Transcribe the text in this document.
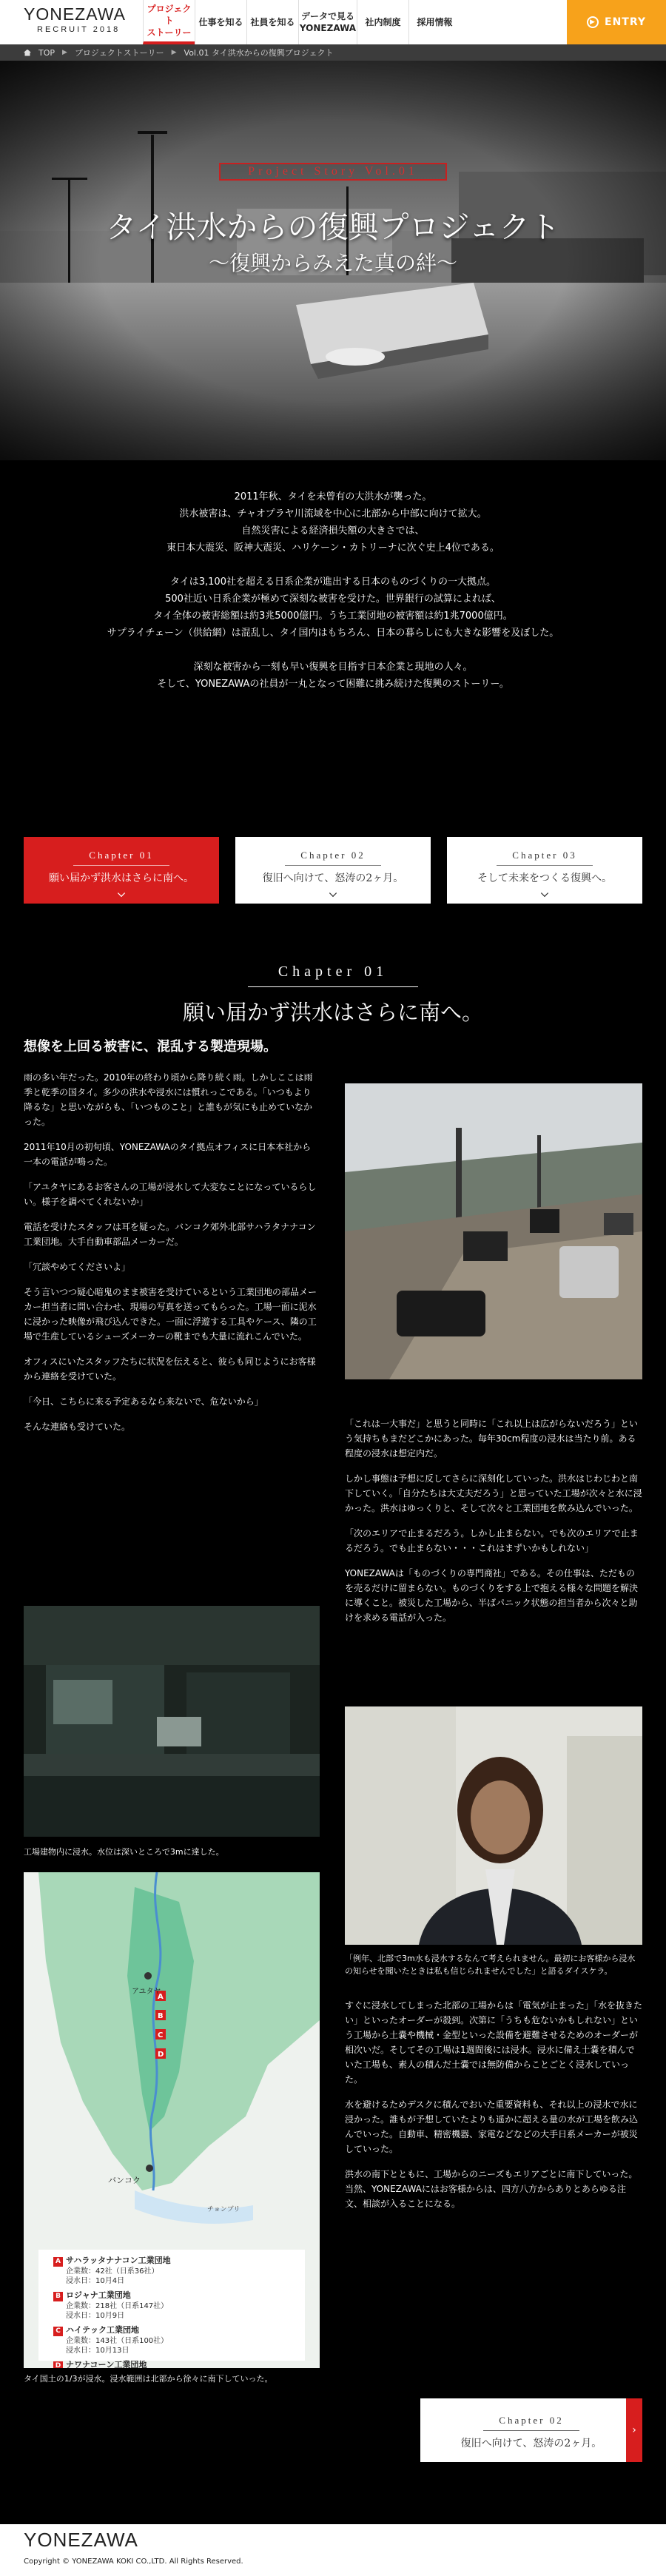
YONEZAWA
RECRUIT 2018
プロジェクト
ストーリー
仕事を知る 社員を知る
データで見る
YONEZAWA
社内制度 採用情報	▶ ENTRY
TOP ▶ プロジェクトストーリー ▶ Vol.01 タイ洪水からの復興プロジェクト
Project Story Vol.01
タイ洪水からの復興プロジェクト
〜復興からみえた真の絆〜

2011年秋、タイを未曾有の大洪水が襲った。
洪水被害は、チャオプラヤ川流域を中心に北部から中部に向けて拡大。
自然災害による経済損失額の大きさでは、
東日本大震災、阪神大震災、ハリケーン・カトリーナに次ぐ史上4位である。

タイは3,100社を超える日系企業が進出する日本のものづくりの一大拠点。
500社近い日系企業が極めて深刻な被害を受けた。世界銀行の試算によれば、
タイ全体の被害総額は約3兆5000億円。うち工業団地の被害額は約1兆7000億円。
サプライチェーン（供給網）は混乱し、タイ国内はもちろん、日本の暮らしにも大きな影響を及ぼした。

深刻な被害から一刻も早い復興を目指す日本企業と現地の人々。
そして、YONEZAWAの社員が一丸となって困難に挑み続けた復興のストーリー。

Chapter 01
願い届かず洪水はさらに南へ。
Chapter 02
復旧へ向けて、怒涛の2ヶ月。
Chapter 03
そして未来をつくる復興へ。
Chapter 01
願い届かず洪水はさらに南へ。
想像を上回る被害に、混乱する製造現場。

雨の多い年だった。2010年の終わり頃から降り続く雨。しかしここは雨季と乾季の国タイ。多少の洪水や浸水には慣れっこである。「いつもより降るな」と思いながらも、「いつものこと」と誰もが気にも止めていなかった。

2011年10月の初旬頃、YONEZAWAのタイ拠点オフィスに日本本社から一本の電話が鳴った。

「アユタヤにあるお客さんの工場が浸水して大変なことになっているらしい。様子を調べてくれないか」

電話を受けたスタッフは耳を疑った。バンコク郊外北部サハラタナナコン工業団地。大手自動車部品メーカーだ。

「冗談やめてくださいよ」

そう言いつつ疑心暗鬼のまま被害を受けているという工業団地の部品メーカー担当者に問い合わせ、現場の写真を送ってもらった。工場一面に泥水に浸かった映像が飛び込んできた。一面に浮遊する工具やケース、隣の工場で生産しているシューズメーカーの靴までも大量に流れこんでいた。

オフィスにいたスタッフたちに状況を伝えると、彼らも同じようにお客様から連絡を受けていた。

「今日、こちらに来る予定あるなら来ないで、危ないから」

そんな連絡も受けていた。	「これは一大事だ」と思うと同時に「これ以上は広がらないだろう」という気持ちもまだどこかにあった。毎年30cm程度の浸水は当たり前。ある程度の浸水は想定内だ。

しかし事態は予想に反してさらに深刻化していった。洪水はじわじわと南下していく。「自分たちは大丈夫だろう」と思っていた工場が次々と水に浸かった。洪水はゆっくりと、そして次々と工業団地を飲み込んでいった。

「次のエリアで止まるだろう。しかし止まらない。でも次のエリアで止まるだろう。でも止まらない・・・これはまずいかもしれない」

YONEZAWAは「ものづくりの専門商社」である。その仕事は、ただものを売るだけに留まらない。ものづくりをする上で抱える様々な問題を解決に導くこと。被災した工場から、半ばパニック状態の担当者から次々と助けを求める電話が入った。

「例年、北部で3m水も浸水するなんて考えられません。最初にお客様から浸水の知らせを聞いたときは私も信じられませんでした」と語るダイスケラ。

すぐに浸水してしまった北部の工場からは「電気が止まった」「水を抜きたい」といったオーダーが殺到。次第に「うちも危ないかもしれない」という工場から土嚢や機械・金型といった設備を避難させるためのオーダーが相次いだ。そしてその工場は1週間後には浸水。浸水に備え土嚢を積んでいた工場も、素人の積んだ土嚢では無防備からことごとく浸水していった。

水を避けるためデスクに積んでおいた重要資料も、それ以上の浸水で水に浸かった。誰もが予想していたよりも遥かに超える量の水が工場を飲み込んでいった。自動車、精密機器、家電などなどの大手日系メーカーが被災していった。

洪水の南下とともに、工場からのニーズもエリアごとに南下していった。当然、YONEZAWAにはお客様からは、四方八方からありとあらゆる注文、相談が入ることになる。

工場建物内に浸水。水位は深いところで3mに達した。
A
B
C
D
アユタヤ
バンコク
チョンブリ
A サハラッタナナコン工業団地
企業数：42社（日系36社）
浸水日：10月4日
B ロジャナ工業団地
企業数：218社（日系147社）
浸水日：10月9日
C ハイテック工業団地
企業数：143社（日系100社）
浸水日：10月13日
D ナワナコーン工業団地
タイ国土の1/3が浸水。浸水範囲は北部から徐々に南下していった。
Chapter 02
復旧へ向けて、怒涛の2ヶ月。
›
YONEZAWA
Copyright © YONEZAWA KOKI CO.,LTD. All Rights Reserved.
